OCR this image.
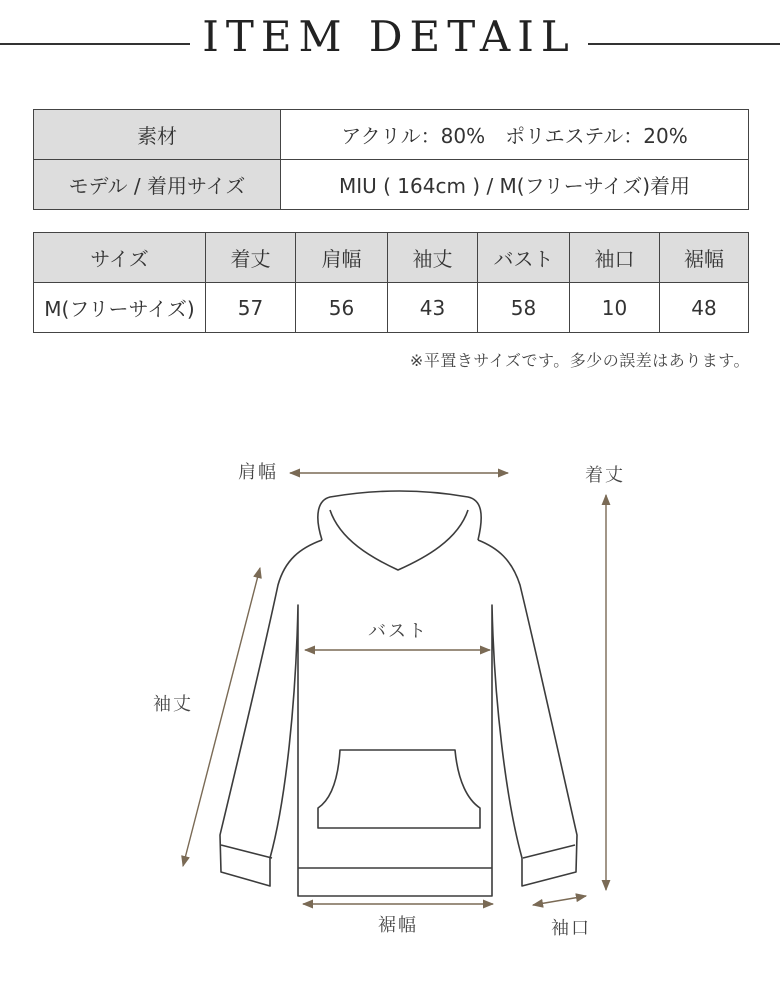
ITEM DETAIL
素材	アクリル：80%　ポリエステル：20%
モデル / 着用サイズ	MIU ( 164cm ) / M(フリーサイズ)着用
サイズ	着丈	肩幅	袖丈	バスト	袖口	裾幅
M(フリーサイズ)	57	56	43	58	10	48
※平置きサイズです。多少の誤差はあります。
肩幅	着丈
バスト
袖丈
裾幅	袖口
